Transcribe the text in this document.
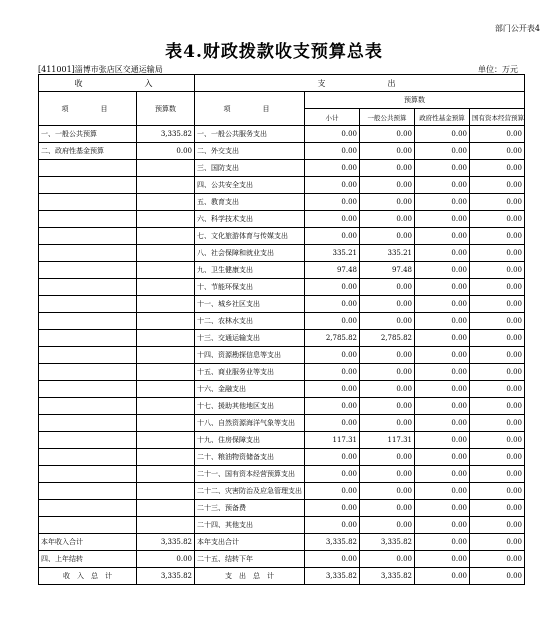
部门公开表4
表4.财政拨款收支预算总表
[411001]淄博市张店区交通运输局	单位：万元
收　　　　入		支　　　　出				
项　　目	预算数	项　　目	预算数			
			小计	一般公共预算	政府性基金预算	国有资本经营预算
一、一般公共预算	3,335.82	一、一般公共服务支出	0.00	0.00	0.00	0.00
二、政府性基金预算	0.00	二、外交支出	0.00	0.00	0.00	0.00
		三、国防支出	0.00	0.00	0.00	0.00
		四、公共安全支出	0.00	0.00	0.00	0.00
		五、教育支出	0.00	0.00	0.00	0.00
		六、科学技术支出	0.00	0.00	0.00	0.00
		七、文化旅游体育与传媒支出	0.00	0.00	0.00	0.00
		八、社会保障和就业支出	335.21	335.21	0.00	0.00
		九、卫生健康支出	97.48	97.48	0.00	0.00
		十、节能环保支出	0.00	0.00	0.00	0.00
		十一、城乡社区支出	0.00	0.00	0.00	0.00
		十二、农林水支出	0.00	0.00	0.00	0.00
		十三、交通运输支出	2,785.82	2,785.82	0.00	0.00
		十四、资源勘探信息等支出	0.00	0.00	0.00	0.00
		十五、商业服务业等支出	0.00	0.00	0.00	0.00
		十六、金融支出	0.00	0.00	0.00	0.00
		十七、援助其他地区支出	0.00	0.00	0.00	0.00
		十八、自然资源海洋气象等支出	0.00	0.00	0.00	0.00
		十九、住房保障支出	117.31	117.31	0.00	0.00
		二十、粮油物资储备支出	0.00	0.00	0.00	0.00
		二十一、国有资本经营预算支出	0.00	0.00	0.00	0.00
		二十二、灾害防治及应急管理支出	0.00	0.00	0.00	0.00
		二十三、预备费	0.00	0.00	0.00	0.00
		二十四、其他支出	0.00	0.00	0.00	0.00
本年收入合计	3,335.82	本年支出合计	3,335.82	3,335.82	0.00	0.00
四、上年结转	0.00	二十五、结转下年	0.00	0.00	0.00	0.00
收　入　总　计	3,335.82	支　出　总　计	3,335.82	3,335.82	0.00	0.00
